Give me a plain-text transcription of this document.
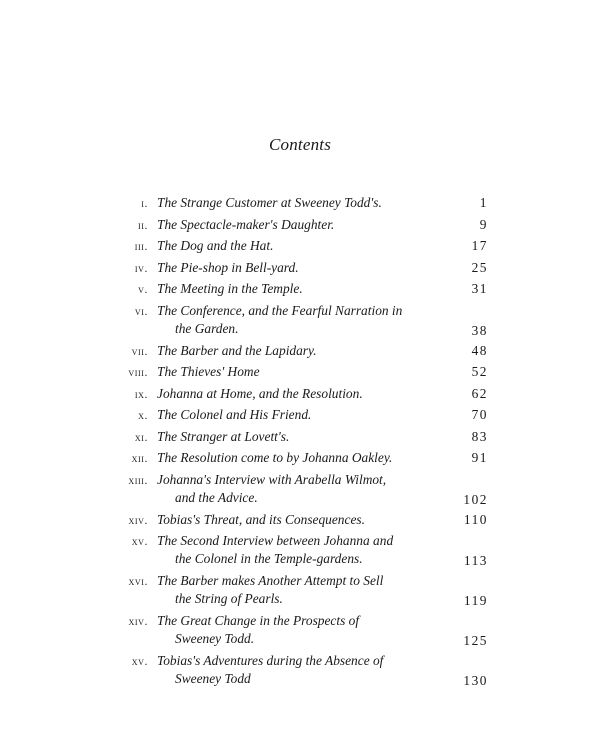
Contents
i. The Strange Customer at Sweeney Todd's.	1
ii. The Spectacle-maker's Daughter.	9
iii. The Dog and the Hat.	17
iv. The Pie-shop in Bell-yard.	25
v. The Meeting in the Temple.	31
vi. The Conference, and the Fearful Narration in
the Garden.	38
vii. The Barber and the Lapidary.	48
viii. The Thieves' Home	52
ix. Johanna at Home, and the Resolution.	62
x. The Colonel and His Friend.	70
xi. The Stranger at Lovett's.	83
xii. The Resolution come to by Johanna Oakley.	91
xiii. Johanna's Interview with Arabella Wilmot,
and the Advice.	102
xiv. Tobias's Threat, and its Consequences.	110
xv. The Second Interview between Johanna and
the Colonel in the Temple-gardens.	113
xvi. The Barber makes Another Attempt to Sell
the String of Pearls.	119
xiv. The Great Change in the Prospects of
Sweeney Todd.	125
xv. Tobias's Adventures during the Absence of
Sweeney Todd	130
